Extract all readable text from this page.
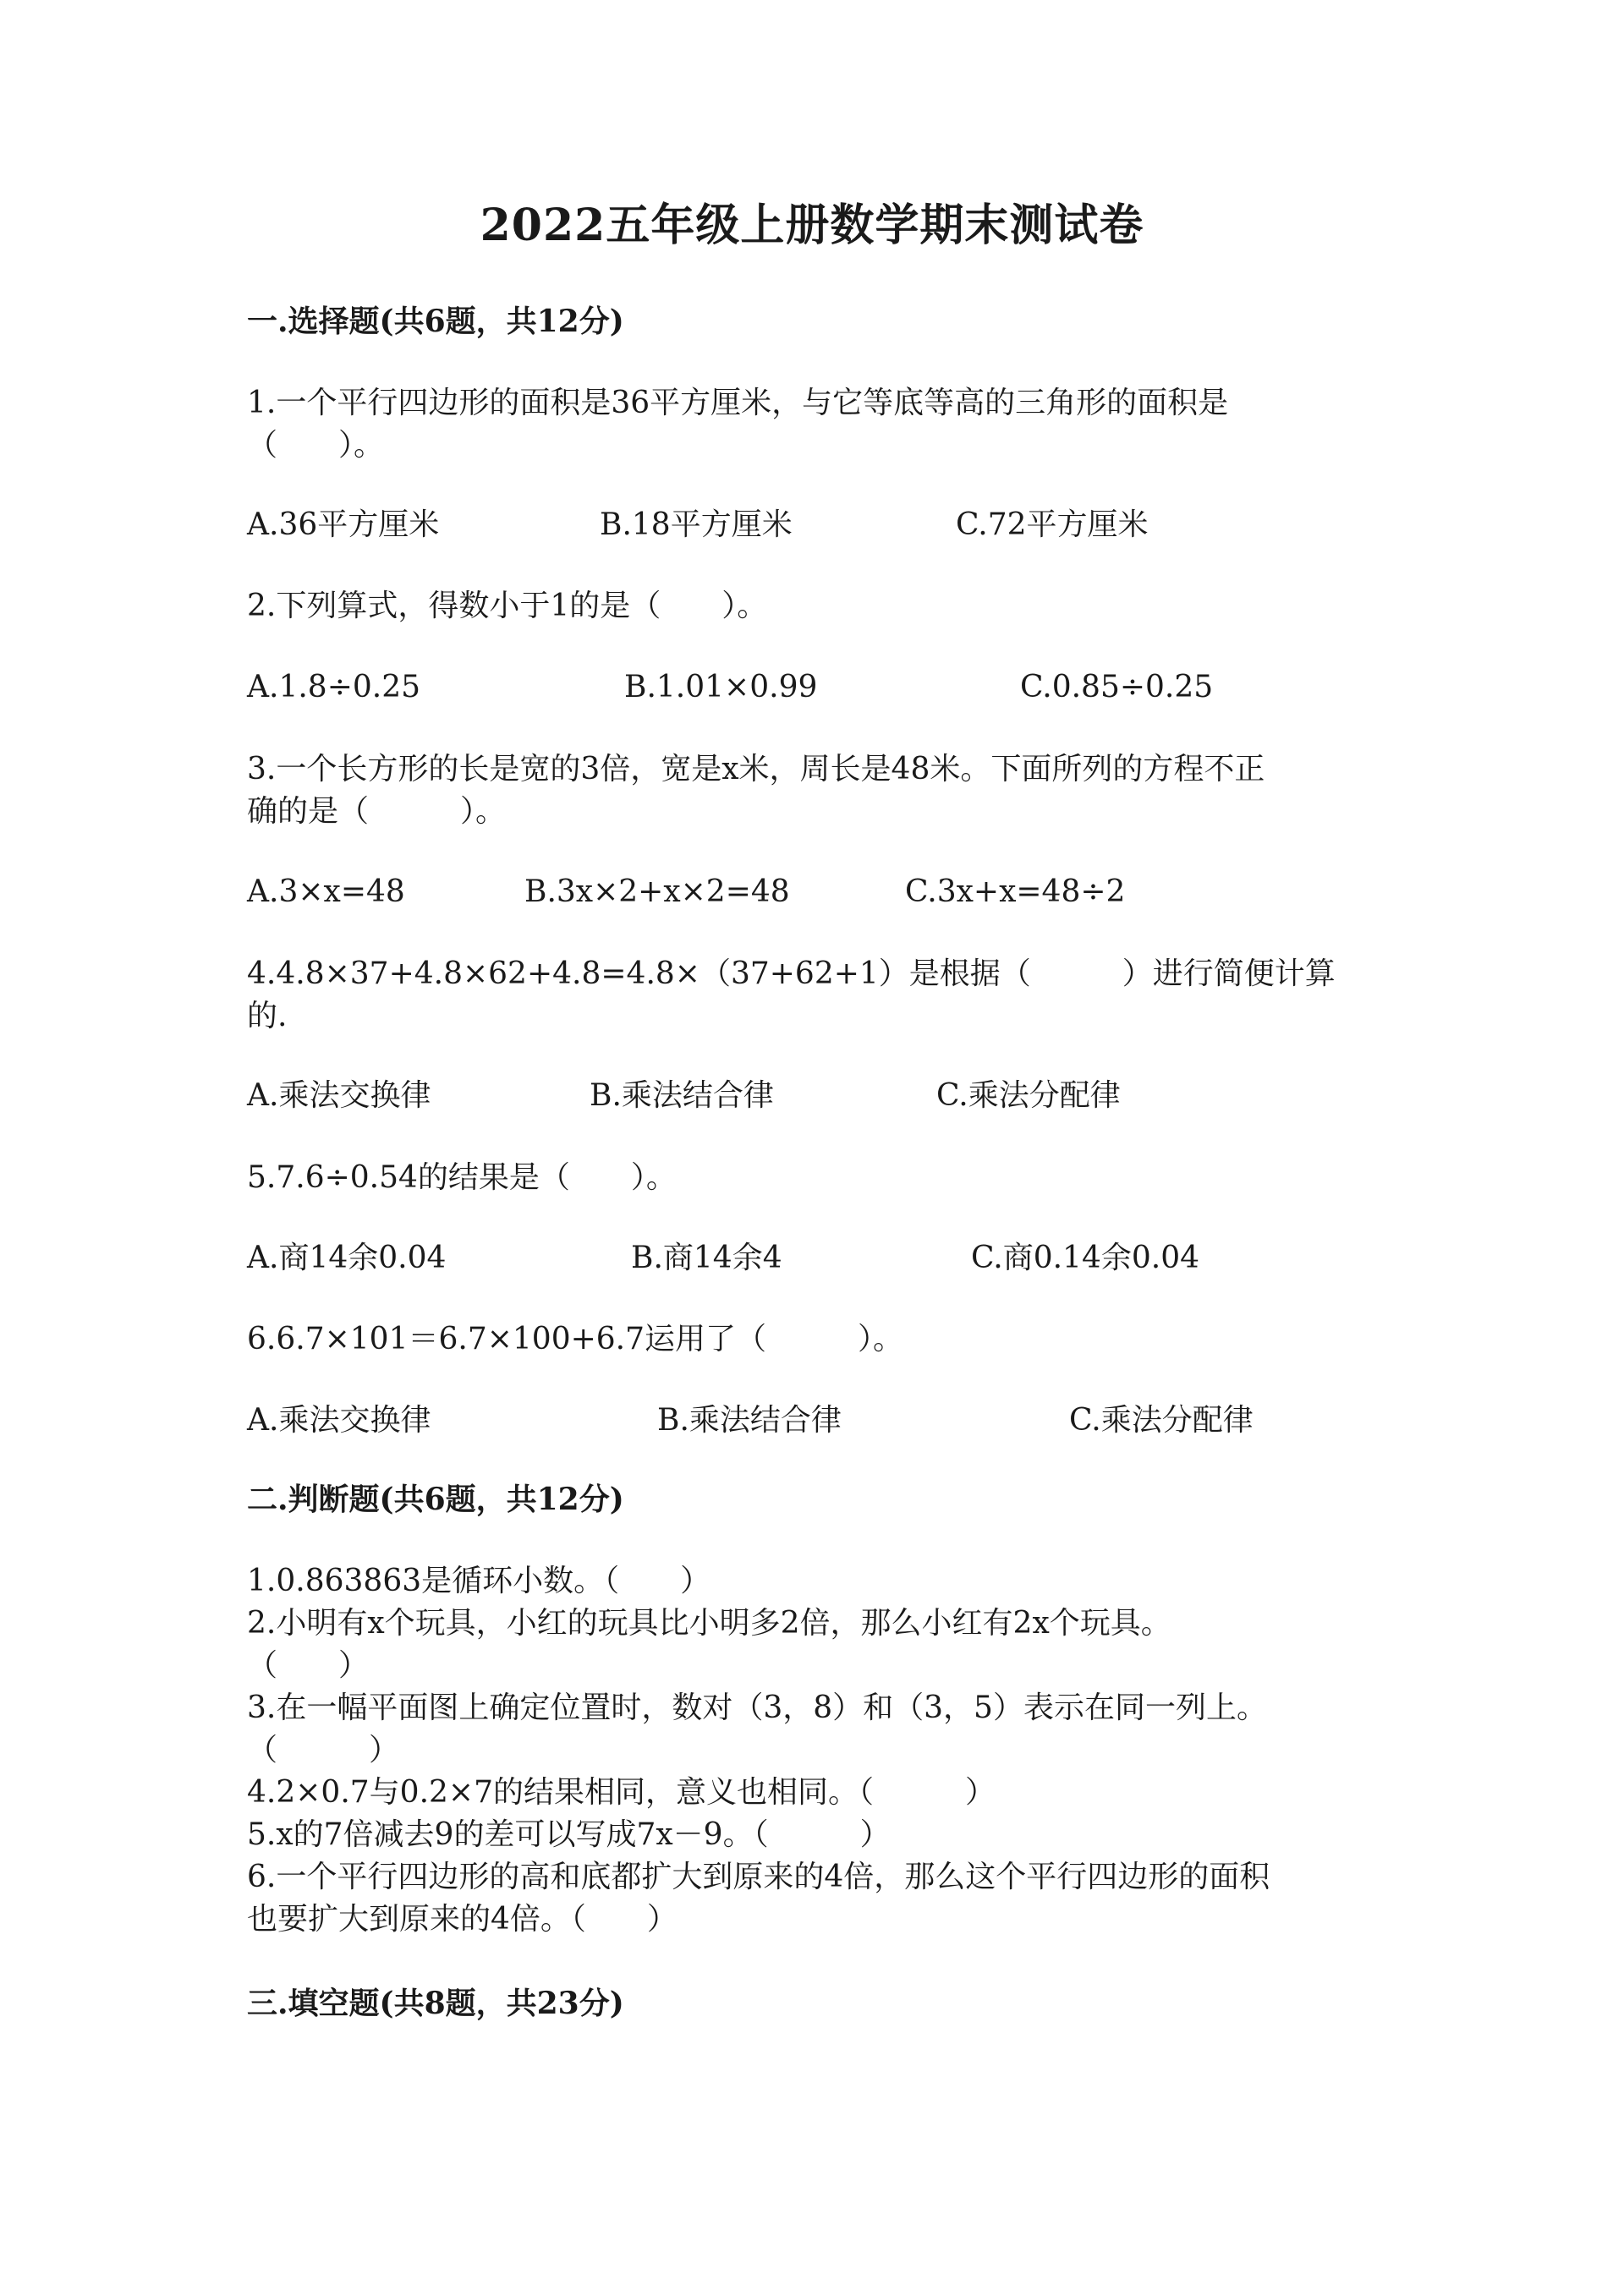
2022五年级上册数学期末测试卷
一.选择题(共6题，共12分)
1.一个平行四边形的面积是36平方厘米，与它等底等高的三角形的面积是
（　　）。
A.36平方厘米	B.18平方厘米	C.72平方厘米
2.下列算式，得数小于1的是（　　）。
A.1.8÷0.25	B.1.01×0.99	C.0.85÷0.25
3.一个长方形的长是宽的3倍，宽是x米，周长是48米。下面所列的方程不正
确的是（　　　）。
A.3×x=48	B.3x×2+x×2=48	C.3x+x=48÷2
4.4.8×37+4.8×62+4.8=4.8×（37+62+1）是根据（　　　）进行简便计算
的.
A.乘法交换律	B.乘法结合律	C.乘法分配律
5.7.6÷0.54的结果是（　　）。
A.商14余0.04	B.商14余4	C.商0.14余0.04
6.6.7×101＝6.7×100+6.7运用了（　　　）。
A.乘法交换律	B.乘法结合律	C.乘法分配律
二.判断题(共6题，共12分)
1.0.863863是循环小数。（　　）
2.小明有x个玩具，小红的玩具比小明多2倍，那么小红有2x个玩具。
（　　）
3.在一幅平面图上确定位置时，数对（3，8）和（3，5）表示在同一列上。
（　　　）
4.2×0.7与0.2×7的结果相同，意义也相同。（　　　）
5.x的7倍减去9的差可以写成7x－9。（　　　）
6.一个平行四边形的高和底都扩大到原来的4倍，那么这个平行四边形的面积
也要扩大到原来的4倍。（　　）
三.填空题(共8题，共23分)
